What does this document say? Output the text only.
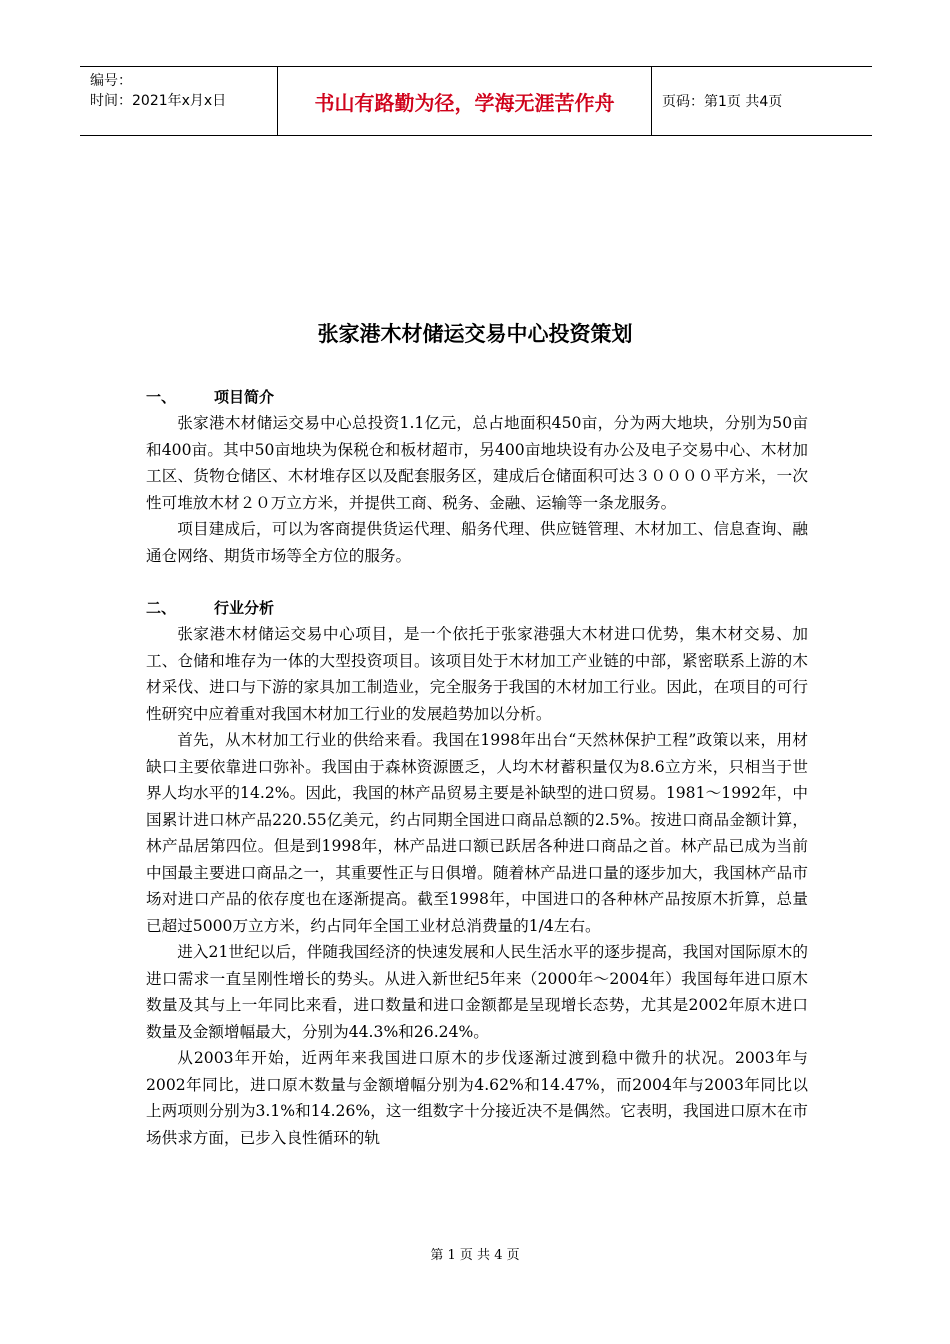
编号：
时间：2021年x月x日	书山有路勤为径，学海无涯苦作舟	页码：第1页 共4页
张家港木材储运交易中心投资策划
一、	项目简介

张家港木材储运交易中心总投资1.1亿元，总占地面积450亩，分为两大地块，分别为50亩和400亩。其中50亩地块为保税仓和板材超市，另400亩地块设有办公及电子交易中心、木材加工区、货物仓储区、木材堆存区以及配套服务区，建成后仓储面积可达３００００平方米，一次性可堆放木材２０万立方米，并提供工商、税务、金融、运输等一条龙服务。

项目建成后，可以为客商提供货运代理、船务代理、供应链管理、木材加工、信息查询、融通仓网络、期货市场等全方位的服务。

二、	行业分析

张家港木材储运交易中心项目，是一个依托于张家港强大木材进口优势，集木材交易、加工、仓储和堆存为一体的大型投资项目。该项目处于木材加工产业链的中部，紧密联系上游的木材采伐、进口与下游的家具加工制造业，完全服务于我国的木材加工行业。因此，在项目的可行性研究中应着重对我国木材加工行业的发展趋势加以分析。

首先，从木材加工行业的供给来看。我国在1998年出台“天然林保护工程”政策以来，用材缺口主要依靠进口弥补。我国由于森林资源匮乏，人均木材蓄积量仅为8.6立方米，只相当于世界人均水平的14.2%。因此，我国的林产品贸易主要是补缺型的进口贸易。1981～1992年，中国累计进口林产品220.55亿美元，约占同期全国进口商品总额的2.5%。按进口商品金额计算，林产品居第四位。但是到1998年，林产品进口额已跃居各种进口商品之首。林产品已成为当前中国最主要进口商品之一，其重要性正与日俱增。随着林产品进口量的逐步加大，我国林产品市场对进口产品的依存度也在逐渐提高。截至1998年，中国进口的各种林产品按原木折算，总量已超过5000万立方米，约占同年全国工业材总消费量的1/4左右。

进入21世纪以后，伴随我国经济的快速发展和人民生活水平的逐步提高，我国对国际原木的进口需求一直呈刚性增长的势头。从进入新世纪5年来（2000年～2004年）我国每年进口原木数量及其与上一年同比来看，进口数量和进口金额都是呈现增长态势，尤其是2002年原木进口数量及金额增幅最大，分别为44.3%和26.24%。

从2003年开始，近两年来我国进口原木的步伐逐渐过渡到稳中微升的状况。2003年与2002年同比，进口原木数量与金额增幅分别为4.62%和14.47%，而2004年与2003年同比以上两项则分别为3.1%和14.26%，这一组数字十分接近决不是偶然。它表明，我国进口原木在市场供求方面，已步入良性循环的轨

第 1 页 共 4 页
